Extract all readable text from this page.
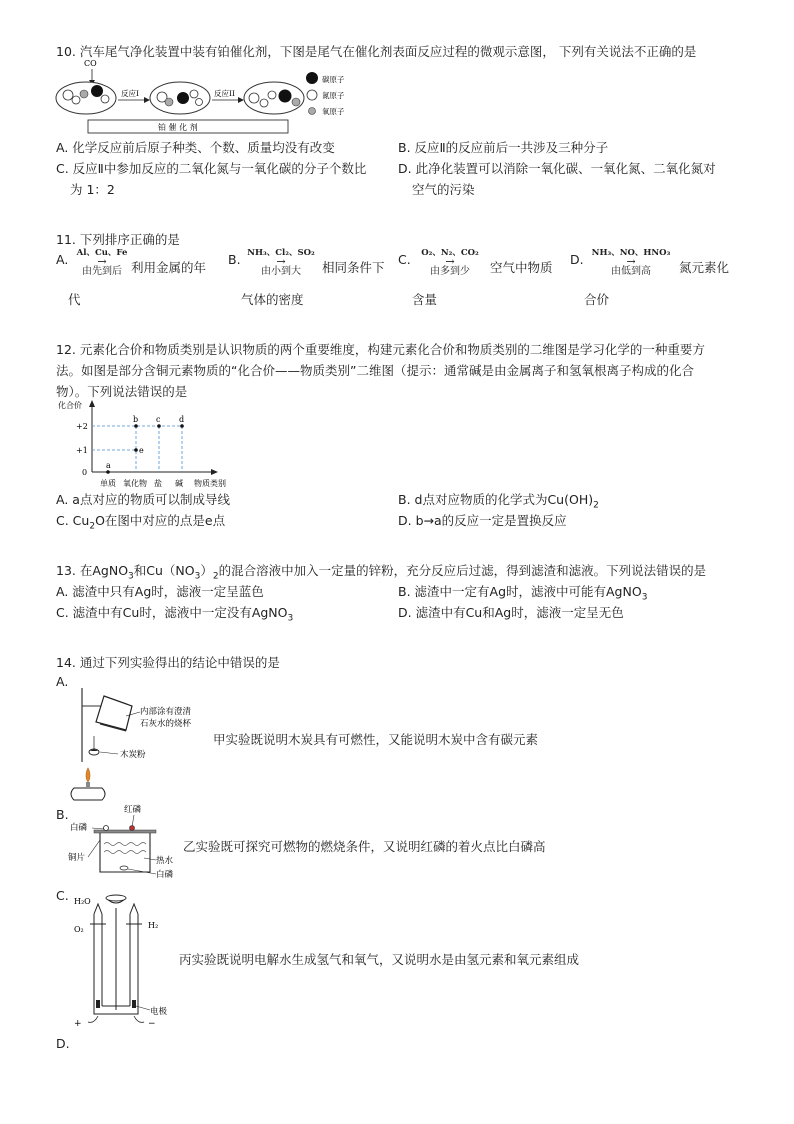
10. 汽车尾气净化装置中装有铂催化剂，下图是尾气在催化剂表面反应过程的微观示意图， 下列有关说法不正确的是
CO
反应I	反应II
铂 催 化 剂
碳原子
氮原子
氧原子
A. 化学反应前后原子种类、个数、质量均没有改变	B. 反应Ⅱ的反应前后一共涉及三种分子
C. 反应Ⅱ中参加反应的二氧化氮与一氧化碳的分子个数比
为 1：2
D. 此净化装置可以消除一氧化碳、一氧化氮、二氧化氮对
空气的污染
11. 下列排序正确的是
A. Al、Cu、Fe
→
由先到后 利用金属的年
代
B. NH₃、Cl₂、SO₂
→
由小到大	相同条件下
气体的密度
C.	O₂、N₂、CO₂
→
由多到少	空气中物质
含量
D. NH₃、NO、HNO₃
→
由低到高	氮元素化
合价
12. 元素化合价和物质类别是认识物质的两个重要维度，构建元素化合价和物质类别的二维图是学习化学的一种重要方
法。如图是部分含铜元素物质的“化合价——物质类别”二维图（提示：通常碱是由金属离子和氢氧根离子构成的化合
物）。下列说法错误的是
化合价
+2
+1
0
a
b c d
e
单质 氧化物 盐 碱 物质类别
A. a点对应的物质可以制成导线	B. d点对应物质的化学式为$Cu(OH)_2$
C. $Cu_2O$在图中对应的点是e点	D. b→a的反应一定是置换反应
13. 在AgNO$_3$和$Cu(NO_3)_2$的混合溶液中加入一定量的锌粉，充分反应后过滤，得到滤渣和滤液。下列说法错误的是
A. 滤渣中只有Ag时，滤液一定呈蓝色	B. 滤渣中一定有Ag时，滤液中可能有AgNO$_3$
C. 滤渣中有Cu时，滤液中一定没有AgNO$_3$	D. 滤渣中有Cu和Ag时，滤液一定呈无色
14. 通过下列实验得出的结论中错误的是
A.
内部涂有澄清
石灰水的烧杯
木炭粉
甲实验既说明木炭具有可燃性，又能说明木炭中含有碳元素
B.	红磷
白磷
铜片	热水
白磷
乙实验既可探究可燃物的燃烧条件，又说明红磷的着火点比白磷高
C. H₂O
O₂	H₂
电极
+	−
丙实验既说明电解水生成氢气和氧气，又说明水是由氢元素和氧元素组成
D.
